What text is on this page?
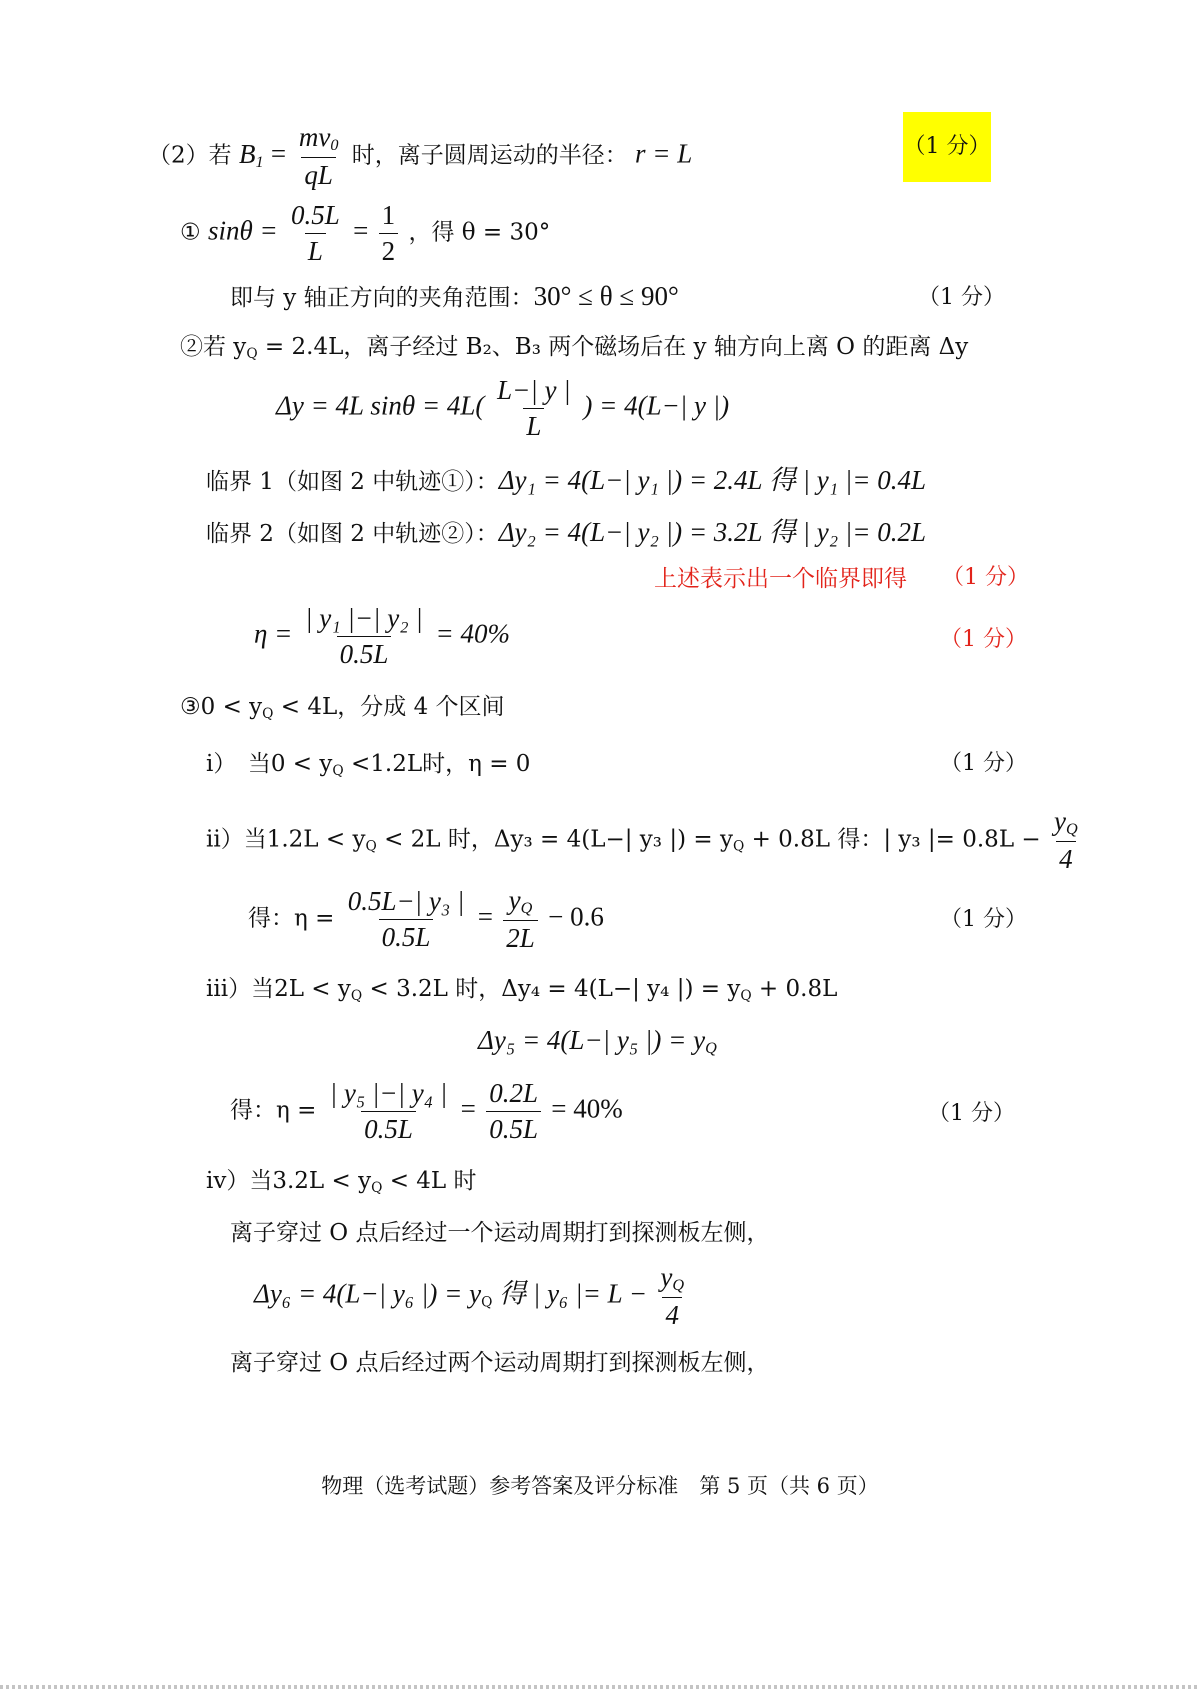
（2）若 $B_1 = \frac{mv_0}{qL}$ 时，离子圆周运动的半径： r = L	（1 分）
① $\sin\theta = \frac{0.5L}{L} = \frac{1}{2}$ ，得 θ = 30°
即与 y 轴正方向的夹角范围：30° ≤ θ ≤ 90°	（1 分）
②若 $y_Q = 2.4L$，离子经过 B₂、B₃ 两个磁场后在 y 轴方向上离 O 的距离 Δy
Δy = 4L $\sin\theta = 4L( \frac{L-| y |}{L}$ ) = 4(L−| y |)
临界 1（如图 2 中轨迹①）：Δy₁ = 4(L−| y₁ |) = 2.4L 得 | y₁ |= 0.4L
临界 2（如图 2 中轨迹②）：Δy₂ = 4(L−| y₂ |) = 3.2L 得 | y₂ |= 0.2L
上述表示出一个临界即得 （1 分）
$\eta = \frac{\text{| y₁ |−| y₂ |}}{0.5L} = 40\%$	（1 分）
③0 < $y_Q < 4L$，分成 4 个区间
i）　 当$0 < y_Q <1.2L$时，η = 0	（1 分）
ii）当$1.2L < y_Q < 2L$ 时，Δy₃ = 4(L−| y₃ |) = $y_Q + 0.8L$ 得：| y₃ |= $0.8L - \frac{y_Q}{4}$
得：$\eta = \frac{\text{0.5L−| y₃ |}}{0.5L} = \frac{y_Q}{2L} - 0.6$	（1 分）
iii）当$2L < y_Q < 3.2L$ 时，Δy₄ = 4(L−| y₄ |) = $y_Q + 0.8L$
Δy₅ = 4(L−| y₅ |) = $y_Q$
得：$\eta = \frac{\text{| y₅ |−| y₄ |}}{0.5L} = \frac{0.2L}{0.5L} = 40\%$	（1 分）
iv）当$3.2L < y_Q < 4L$ 时
离子穿过 O 点后经过一个运动周期打到探测板左侧，
Δy₆ = 4(L−| y₆ |) = $y_Q$ 得 | y₆ |= $L - \frac{y_Q}{4}$
离子穿过 O 点后经过两个运动周期打到探测板左侧，
物理（选考试题）参考答案及评分标准　第 5 页（共 6 页）
